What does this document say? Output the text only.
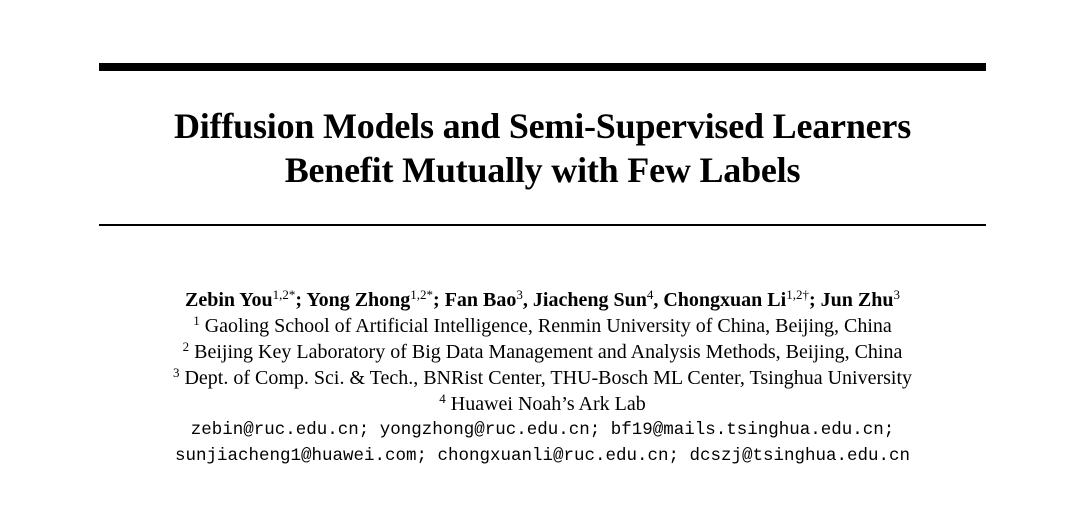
Diffusion Models and Semi-Supervised Learners
Benefit Mutually with Few Labels
Zebin You$^{1,2*}$; Yong Zhong$^{1,2*}$; Fan Bao$^3$, Jiacheng Sun$^4$, Chongxuan $Li^{1,2\dagger}$; Jun Zhu$^3$
$^1$ Gaoling School of Artificial Intelligence, Renmin University of China, Beijing, China
$^2$ Beijing Key Laboratory of Big Data Management and Analysis Methods, Beijing, China
$^3$ Dept. of Comp. Sci. & Tech., BNRist Center, THU-Bosch ML Center, Tsinghua University
$^4$ Huawei Noah’s Ark Lab
zebin@ruc.edu.cn; yongzhong@ruc.edu.cn; bf19@mails.tsinghua.edu.cn;
sunjiacheng1@huawei.com; chongxuanli@ruc.edu.cn; dcszj@tsinghua.edu.cn
